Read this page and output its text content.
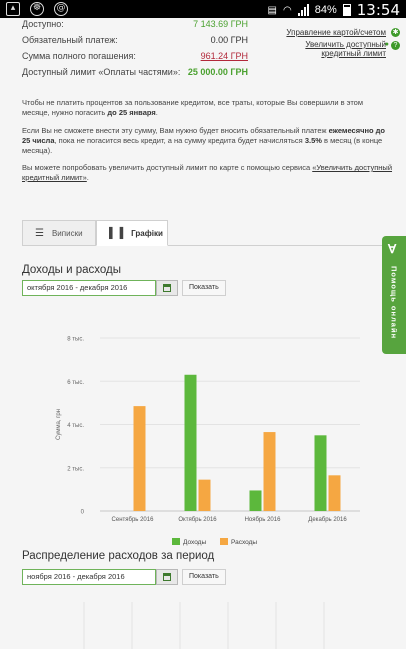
▴	☸	@	▤ ◠ 84% 13:54
Доступно:	7 143.69 ГРН
Обязательный платеж:	0.00 ГРН
Сумма полного погашения:	961.24 ГРН
Доступный лимит «Оплаты частями»: 25 000.00 ГРН
Управление картой/счетом ✱
Увеличить доступный
кредитный лимит
?
●
Чтобы не платить процентов за пользование кредитом, все траты, которые Вы совершили в этом месяце, нужно погасить до 25 января.
Если Вы не сможете внести эту сумму, Вам нужно будет вносить обязательный платеж ежемесячно до 25 числа, пока не погасится весь кредит, а на сумму кредита будет начисляться 3.5% в месяц (в конце месяца).
Вы можете попробовать увеличить доступный лимит по карте с помощью сервиса «Увеличить доступный кредитный лимит».
☰ Виписки	▌▐ Графіки
Доходы и расходы
октября 2016 - декабря 2016	Показать
0
2 тыс.
4 тыс.
6 тыс.
8 тыс.
Сумма, грн
Сентябрь 2016	Октябрь 2016	Ноябрь 2016	Декабрь 2016
Доходы	Расходы
Распределение расходов за период
ноября 2016 - декабря 2016	Показать
∀
Помощь онлайн
